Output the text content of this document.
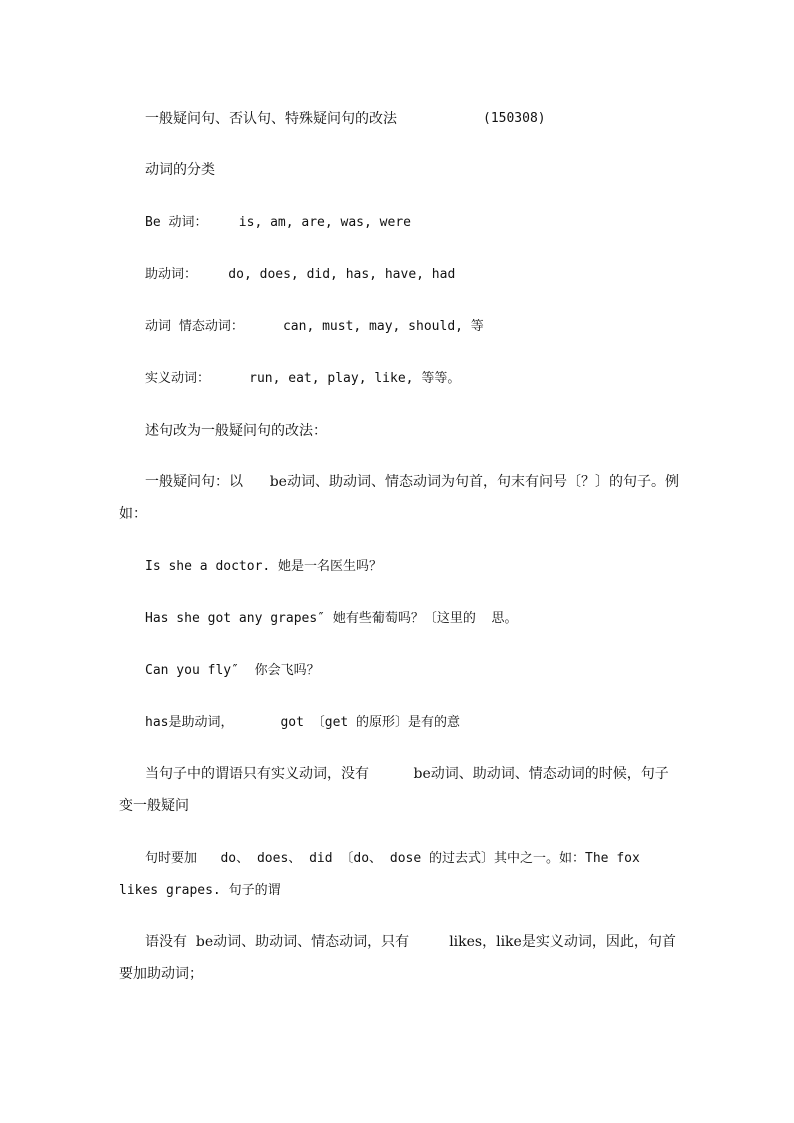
一般疑问句、否认句、特殊疑问句的改法	(150308)

动词的分类

Be 动词：    is, am, are, was, were

助动词：    do, does, did, has, have, had

动词 情态动词：     can, must, may, should, 等

实义动词：     run, eat, play, like, 等等。

述句改为一般疑问句的改法：

一般疑问句：以      be动词、助动词、情态动词为句首，句末有问号〔？〕的句子。例如：

Is she a doctor. 她是一名医生吗？

Has she got any grapes″ 她有些葡萄吗？〔这里的  思。

Can you fly″  你会飞吗？

has是助动词，      got 〔get 的原形〕是有的意

当句子中的谓语只有实义动词，没有          be动词、助动词、情态动词的时候，句子变一般疑问

句时要加   do、 does、 did 〔do、 dose 的过去式〕其中之一。如：The fox likes grapes. 句子的谓

语没有  be动词、助动词、情态动词，只有         likes，like是实义动词，因此，句首要加助动词；
